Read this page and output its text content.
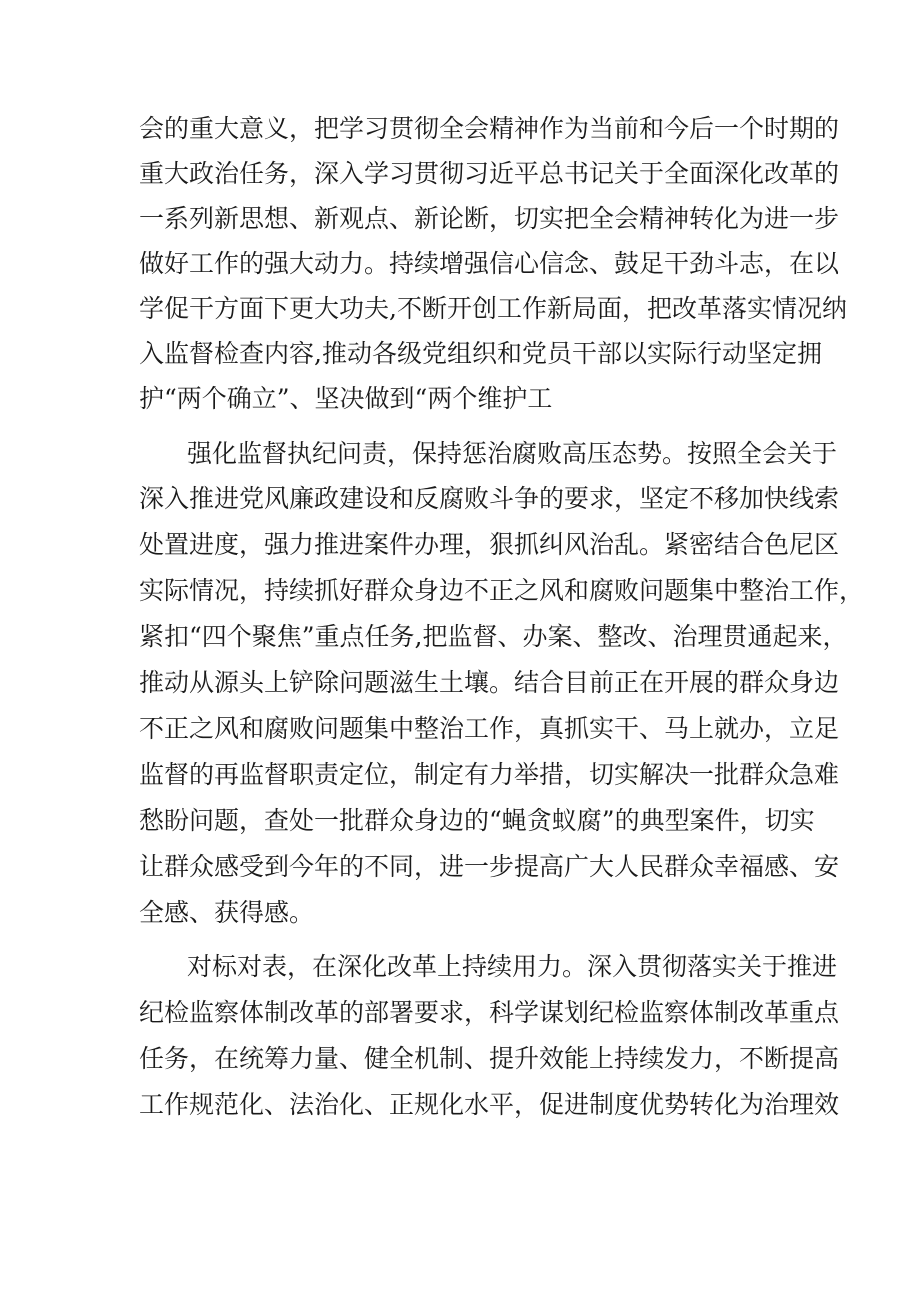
会的重大意义，把学习贯彻全会精神作为当前和今后一个时期的

重大政治任务，深入学习贯彻习近平总书记关于全面深化改革的

一系列新思想、新观点、新论断，切实把全会精神转化为进一步

做好工作的强大动力。持续增强信心信念、鼓足干劲斗志，在以

学促干方面下更大功夫,不断开创工作新局面，把改革落实情况纳

入监督检查内容,推动各级党组织和党员干部以实际行动坚定拥

护“两个确立”、坚决做到“两个维护工

强化监督执纪问责，保持惩治腐败高压态势。按照全会关于

深入推进党风廉政建设和反腐败斗争的要求，坚定不移加快线索

处置进度，强力推进案件办理，狠抓纠风治乱。紧密结合色尼区

实际情况，持续抓好群众身边不正之风和腐败问题集中整治工作，

紧扣“四个聚焦”重点任务,把监督、办案、整改、治理贯通起来，

推动从源头上铲除问题滋生土壤。结合目前正在开展的群众身边

不正之风和腐败问题集中整治工作，真抓实干、马上就办，立足

监督的再监督职责定位，制定有力举措，切实解决一批群众急难

愁盼问题，查处一批群众身边的“蝇贪蚁腐”的典型案件，切实

让群众感受到今年的不同，进一步提高广大人民群众幸福感、安

全感、获得感。

对标对表，在深化改革上持续用力。深入贯彻落实关于推进

纪检监察体制改革的部署要求，科学谋划纪检监察体制改革重点

任务，在统筹力量、健全机制、提升效能上持续发力，不断提高

工作规范化、法治化、正规化水平，促进制度优势转化为治理效
